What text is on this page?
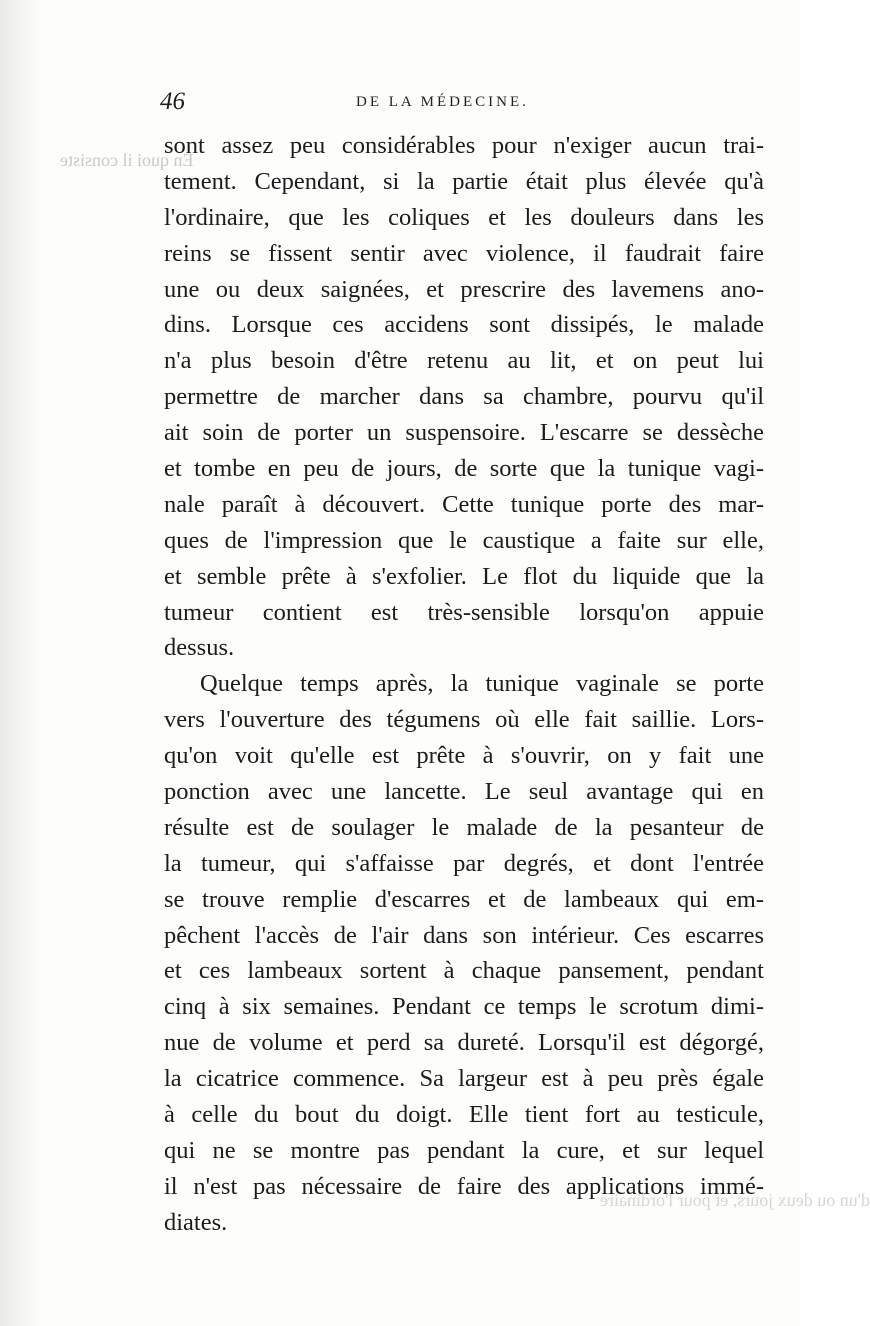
En quoi il consiste
d'un ou deux jours, et pour l'ordinaire
46	DE LA MÉDECINE.
sont assez peu considérables pour n'exiger aucun trai-
tement. Cependant, si la partie était plus élevée qu'à
l'ordinaire, que les coliques et les douleurs dans les
reins se fissent sentir avec violence, il faudrait faire
une ou deux saignées, et prescrire des lavemens ano-
dins. Lorsque ces accidens sont dissipés, le malade
n'a plus besoin d'être retenu au lit, et on peut lui
permettre de marcher dans sa chambre, pourvu qu'il
ait soin de porter un suspensoire. L'escarre se dessèche
et tombe en peu de jours, de sorte que la tunique vagi-
nale paraît à découvert. Cette tunique porte des mar-
ques de l'impression que le caustique a faite sur elle,
et semble prête à s'exfolier. Le flot du liquide que la
tumeur contient est très-sensible lorsqu'on appuie
dessus.
Quelque temps après, la tunique vaginale se porte
vers l'ouverture des tégumens où elle fait saillie. Lors-
qu'on voit qu'elle est prête à s'ouvrir, on y fait une
ponction avec une lancette. Le seul avantage qui en
résulte est de soulager le malade de la pesanteur de
la tumeur, qui s'affaisse par degrés, et dont l'entrée
se trouve remplie d'escarres et de lambeaux qui em-
pêchent l'accès de l'air dans son intérieur. Ces escarres
et ces lambeaux sortent à chaque pansement, pendant
cinq à six semaines. Pendant ce temps le scrotum dimi-
nue de volume et perd sa dureté. Lorsqu'il est dégorgé,
la cicatrice commence. Sa largeur est à peu près égale
à celle du bout du doigt. Elle tient fort au testicule,
qui ne se montre pas pendant la cure, et sur lequel
il n'est pas nécessaire de faire des applications immé-
diates.
